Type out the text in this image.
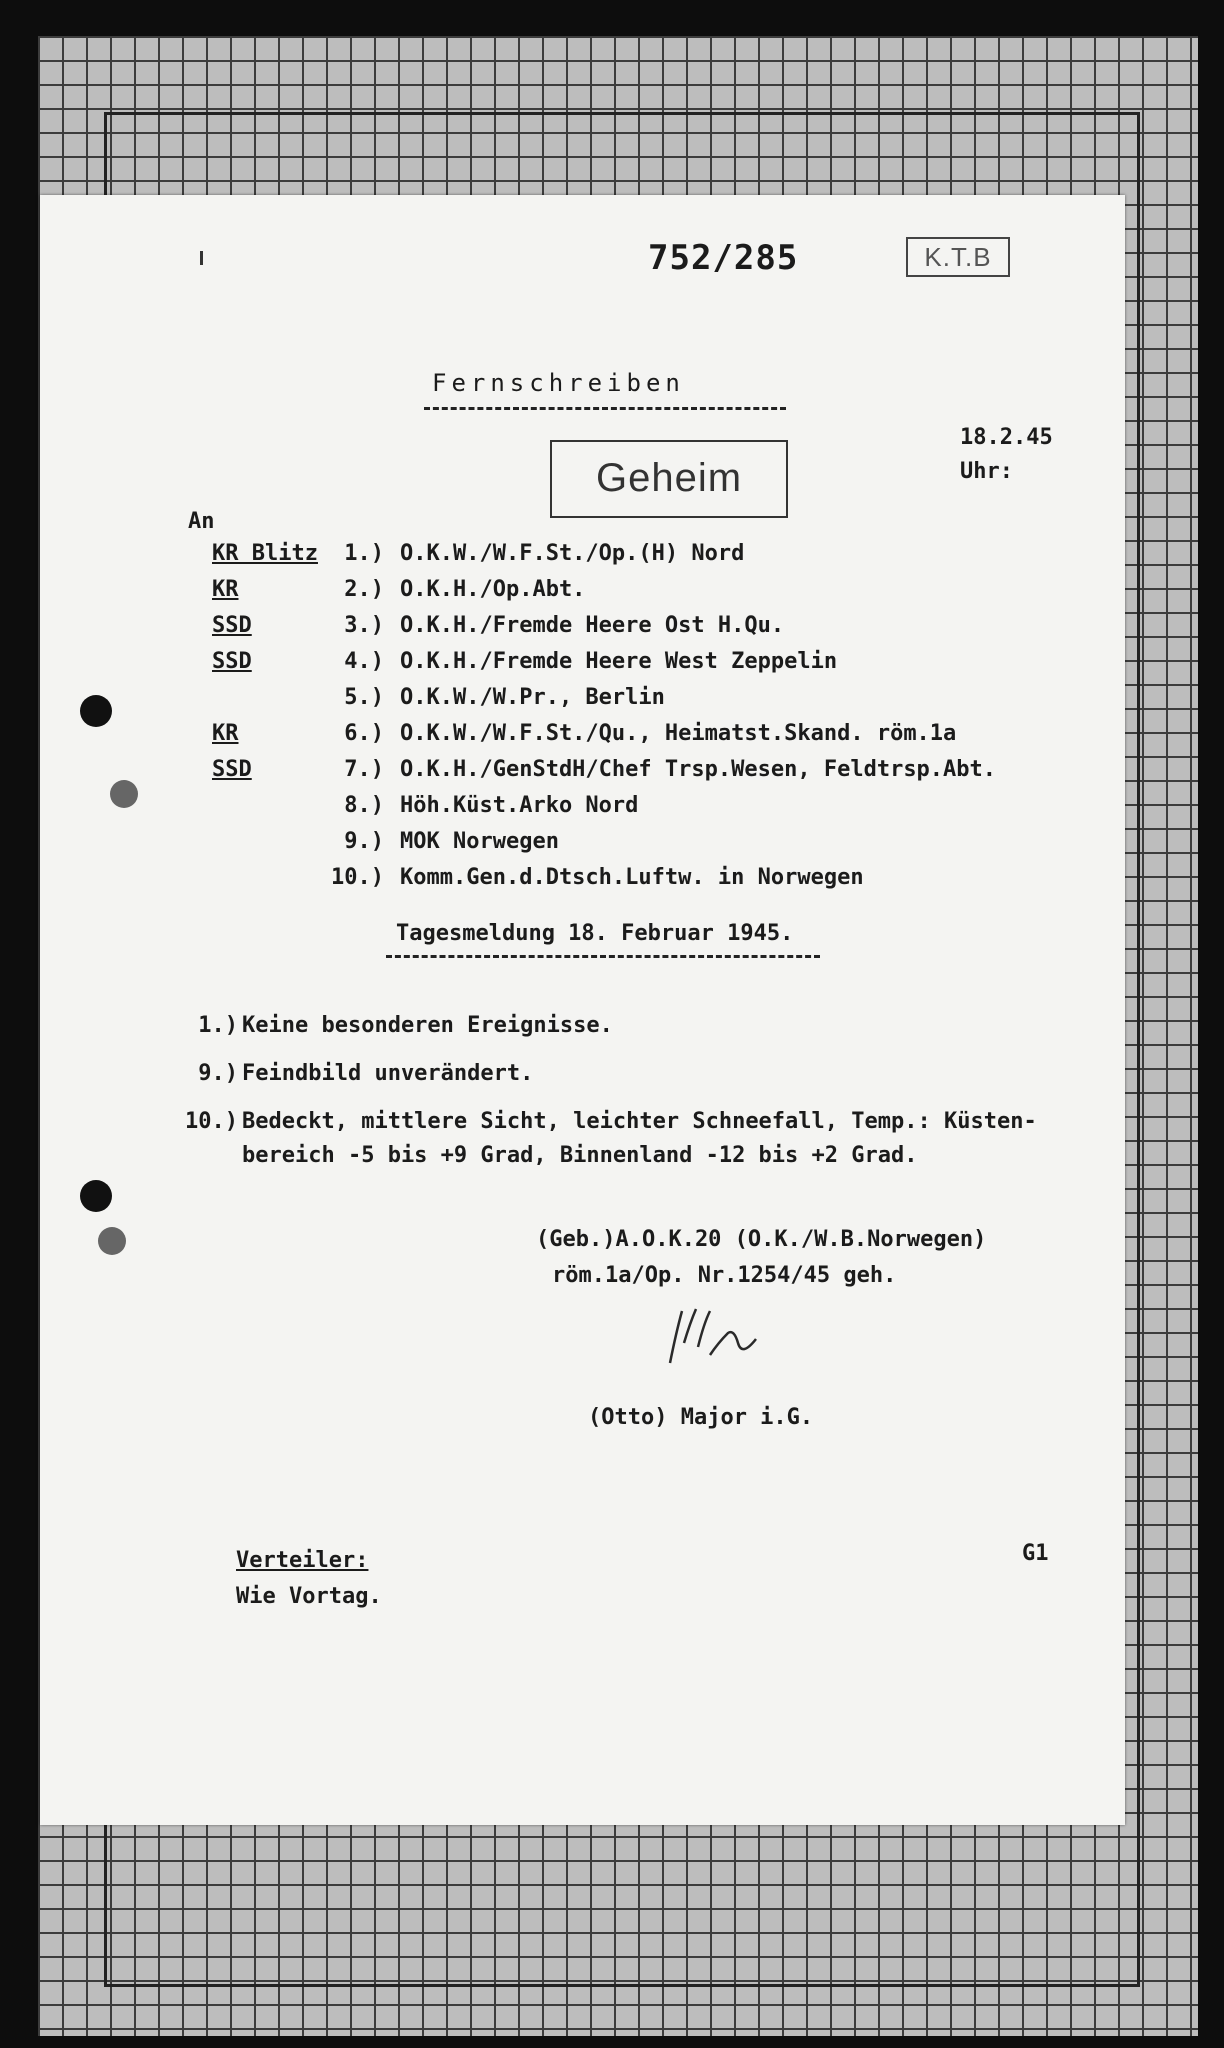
752/285	K.T.B
Fernschreiben
Geheim
18.2.45
Uhr:
An
KR Blitz	1.) O.K.W./W.F.St./Op.(H) Nord
KR	2.) O.K.H./Op.Abt.
SSD	3.) O.K.H./Fremde Heere Ost H.Qu.
SSD	4.) O.K.H./Fremde Heere West Zeppelin
5.) O.K.W./W.Pr., Berlin
KR	6.) O.K.W./W.F.St./Qu., Heimatst.Skand. röm.1a
SSD	7.) O.K.H./GenStdH/Chef Trsp.Wesen, Feldtrsp.Abt.
8.) Höh.Küst.Arko Nord
9.) MOK Norwegen
10.) Komm.Gen.d.Dtsch.Luftw. in Norwegen
Tagesmeldung 18. Februar 1945.
1.) Keine besonderen Ereignisse.
9.) Feindbild unverändert.
10.) Bedeckt, mittlere Sicht, leichter Schneefall, Temp.: Küsten-
bereich -5 bis +9 Grad, Binnenland -12 bis +2 Grad.
(Geb.)A.O.K.20 (O.K./W.B.Norwegen)
röm.1a/Op. Nr.1254/45 geh.
(Otto) Major i.G.
Verteiler:
Wie Vortag.
G1
